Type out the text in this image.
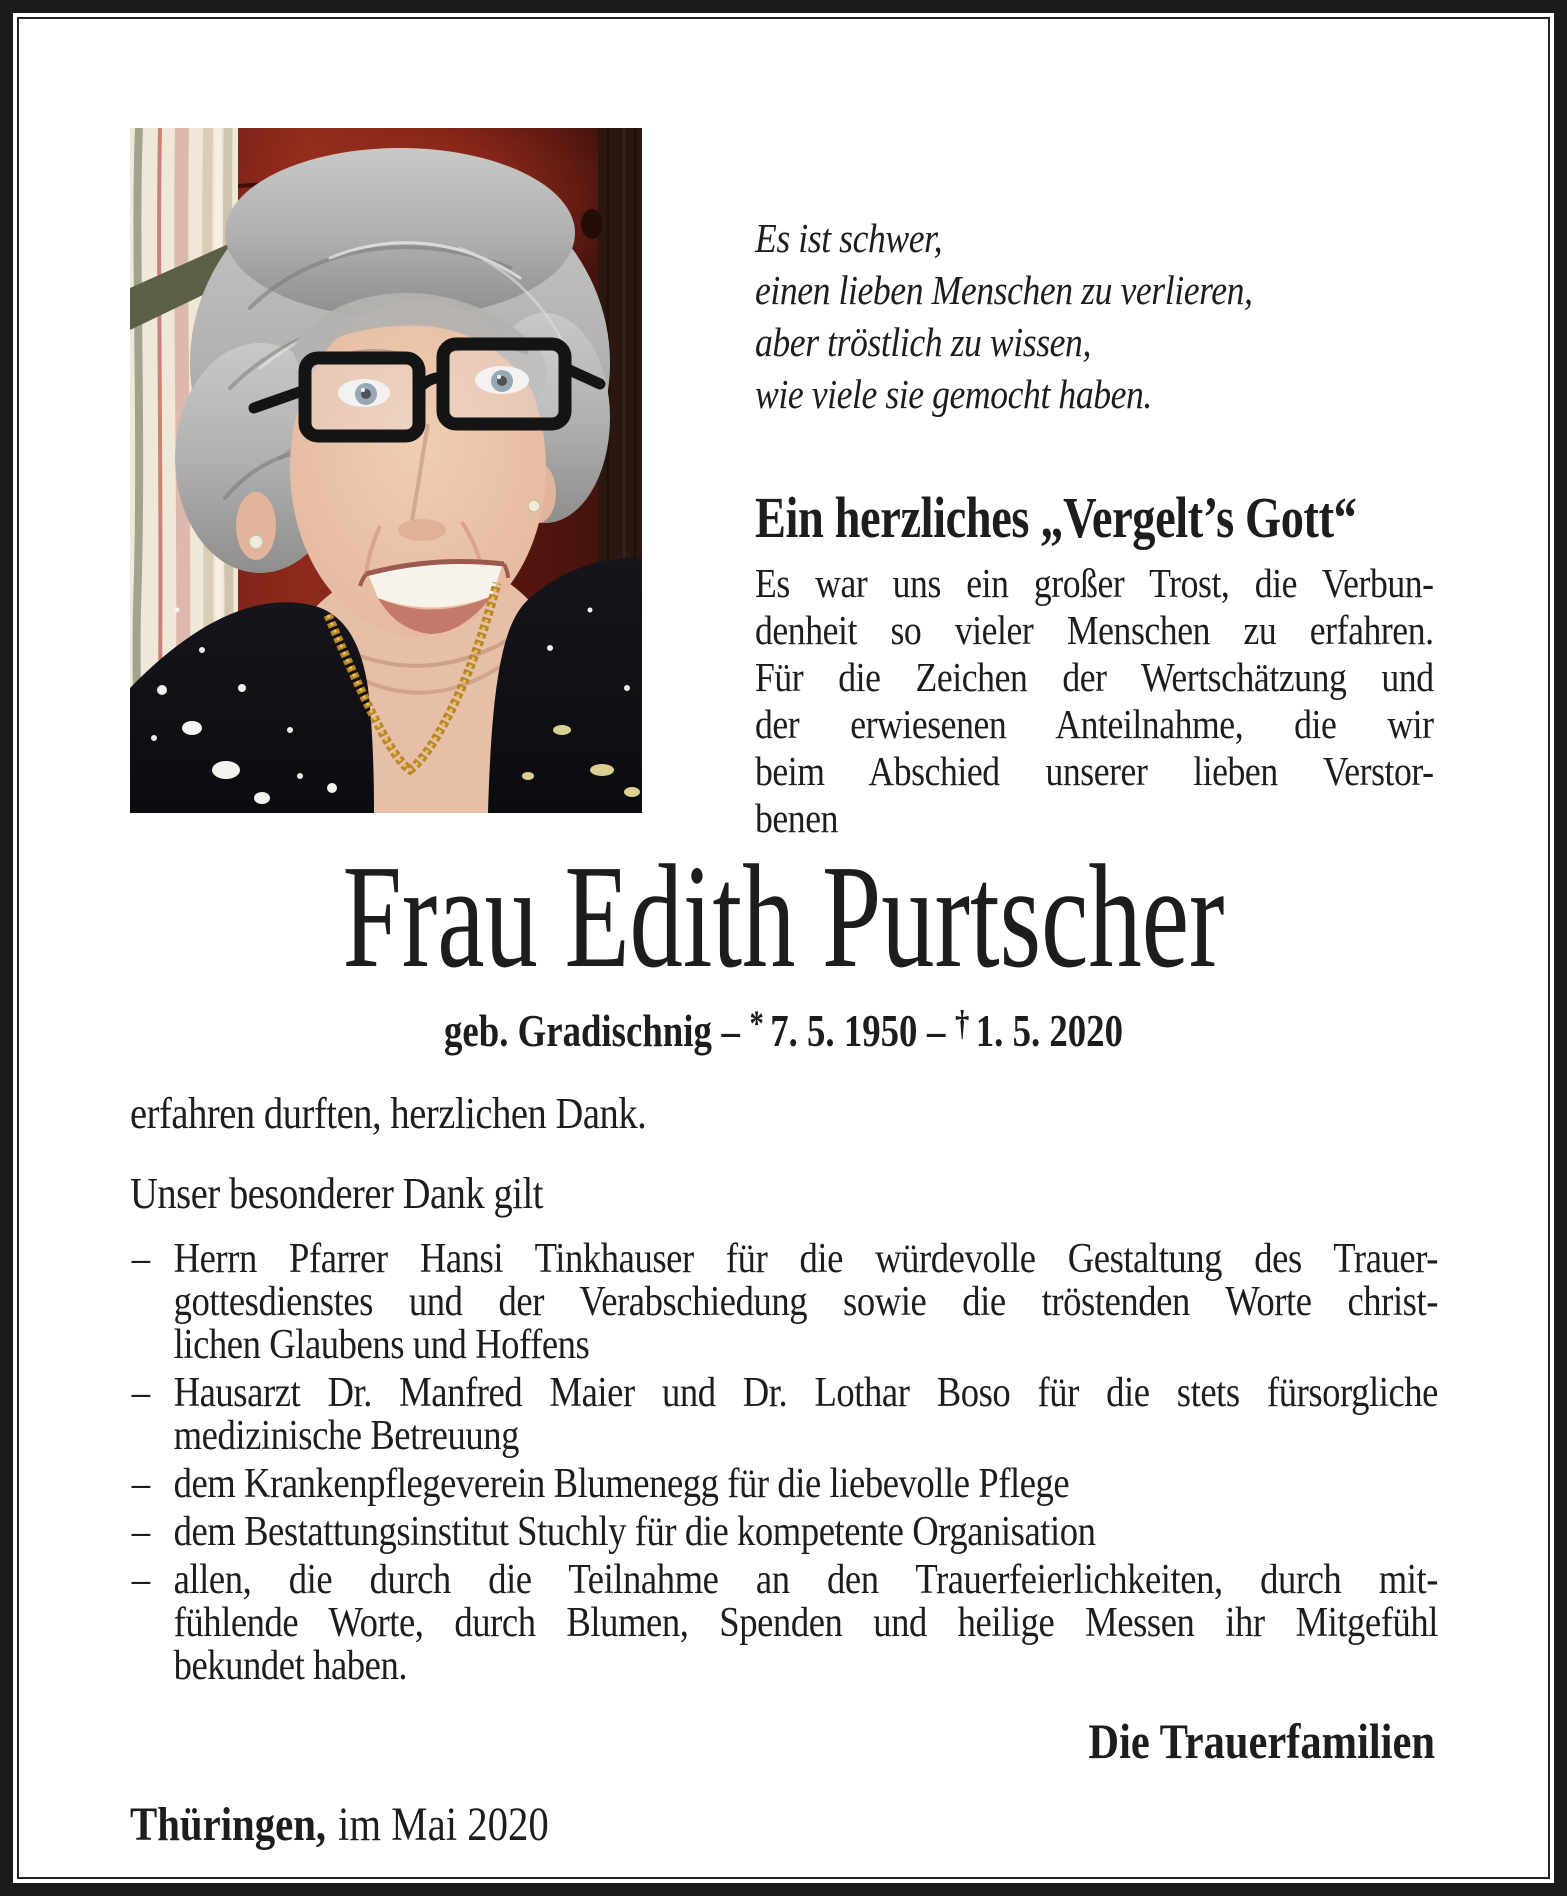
Es ist schwer,
einen lieben Menschen zu verlieren,
aber tröstlich zu wissen,
wie viele sie gemocht haben.
Ein herzliches „Vergelt’s Gott“
Es war uns ein großer Trost, die Verbun-
denheit so vieler Menschen zu erfahren.
Für die Zeichen der Wertschätzung und
der erwiesenen Anteilnahme, die wir
beim Abschied unserer lieben Verstor-
benen
Frau Edith Purtscher
geb. Gradischnig – * 7. 5. 1950 – † 1. 5. 2020
erfahren durften, herzlichen Dank.
Unser besonderer Dank gilt
– Herrn Pfarrer Hansi Tinkhauser für die würdevolle Gestaltung des Trauer-
gottesdienstes und der Verabschiedung sowie die tröstenden Worte christ-
lichen Glaubens und Hoffens
– Hausarzt Dr. Manfred Maier und Dr. Lothar Boso für die stets fürsorgliche
medizinische Betreuung
– dem Krankenpflegeverein Blumenegg für die liebevolle Pflege
– dem Bestattungsinstitut Stuchly für die kompetente Organisation
– allen, die durch die Teilnahme an den Trauerfeierlichkeiten, durch mit-
fühlende Worte, durch Blumen, Spenden und heilige Messen ihr Mitgefühl
bekundet haben.
Die Trauerfamilien
Thüringen, im Mai 2020
